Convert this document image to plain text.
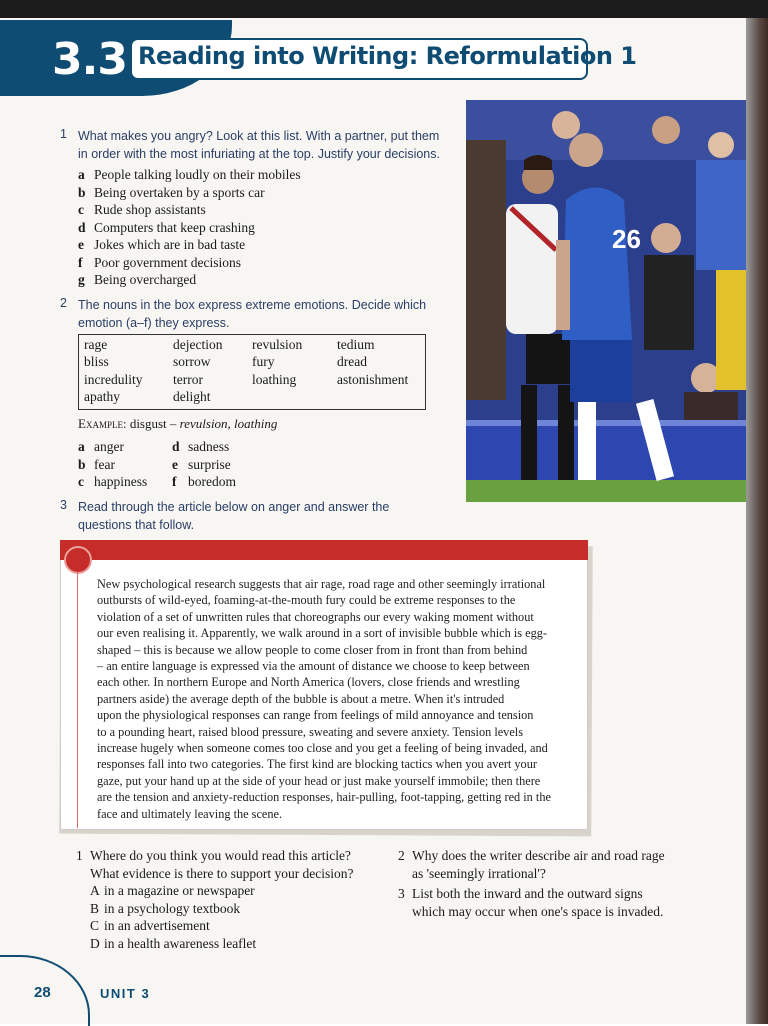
3.3 Reading into Writing: Reformulation 1
1 What makes you angry? Look at this list. With a partner, put them
in order with the most infuriating at the top. Justify your decisions.
a People talking loudly on their mobiles
b Being overtaken by a sports car
c Rude shop assistants
d Computers that keep crashing
e Jokes which are in bad taste
f Poor government decisions
g Being overcharged
2 The nouns in the box express extreme emotions. Decide which
emotion (a–f) they express.
rage
bliss
incredulity
apathy
dejection
sorrow
terror
delight
revulsion
fury
loathing
tedium
dread
astonishment
Example: disgust – revulsion, loathing
a anger
b fear
c happiness
d sadness
e surprise
f boredom
3 Read through the article below on anger and answer the
questions that follow.
26
New psychological research suggests that air rage, road rage and other seemingly irrational
outbursts of wild-eyed, foaming-at-the-mouth fury could be extreme responses to the
violation of a set of unwritten rules that choreographs our every waking moment without
our even realising it. Apparently, we walk around in a sort of invisible bubble which is egg-
shaped – this is because we allow people to come closer from in front than from behind
– an entire language is expressed via the amount of distance we choose to keep between
each other. In northern Europe and North America (lovers, close friends and wrestling
partners aside) the average depth of the bubble is about a metre. When it's intruded
upon the physiological responses can range from feelings of mild annoyance and tension
to a pounding heart, raised blood pressure, sweating and severe anxiety. Tension levels
increase hugely when someone comes too close and you get a feeling of being invaded, and
responses fall into two categories. The first kind are blocking tactics when you avert your
gaze, put your hand up at the side of your head or just make yourself immobile; then there
are the tension and anxiety-reduction responses, hair-pulling, foot-tapping, getting red in the
face and ultimately leaving the scene.
1 Where do you think you would read this article?
What evidence is there to support your decision?
A in a magazine or newspaper
B in a psychology textbook
C in an advertisement
D in a health awareness leaflet
2 Why does the writer describe air and road rage
as 'seemingly irrational'?
3 List both the inward and the outward signs
which may occur when one's space is invaded.
28	UNIT 3
